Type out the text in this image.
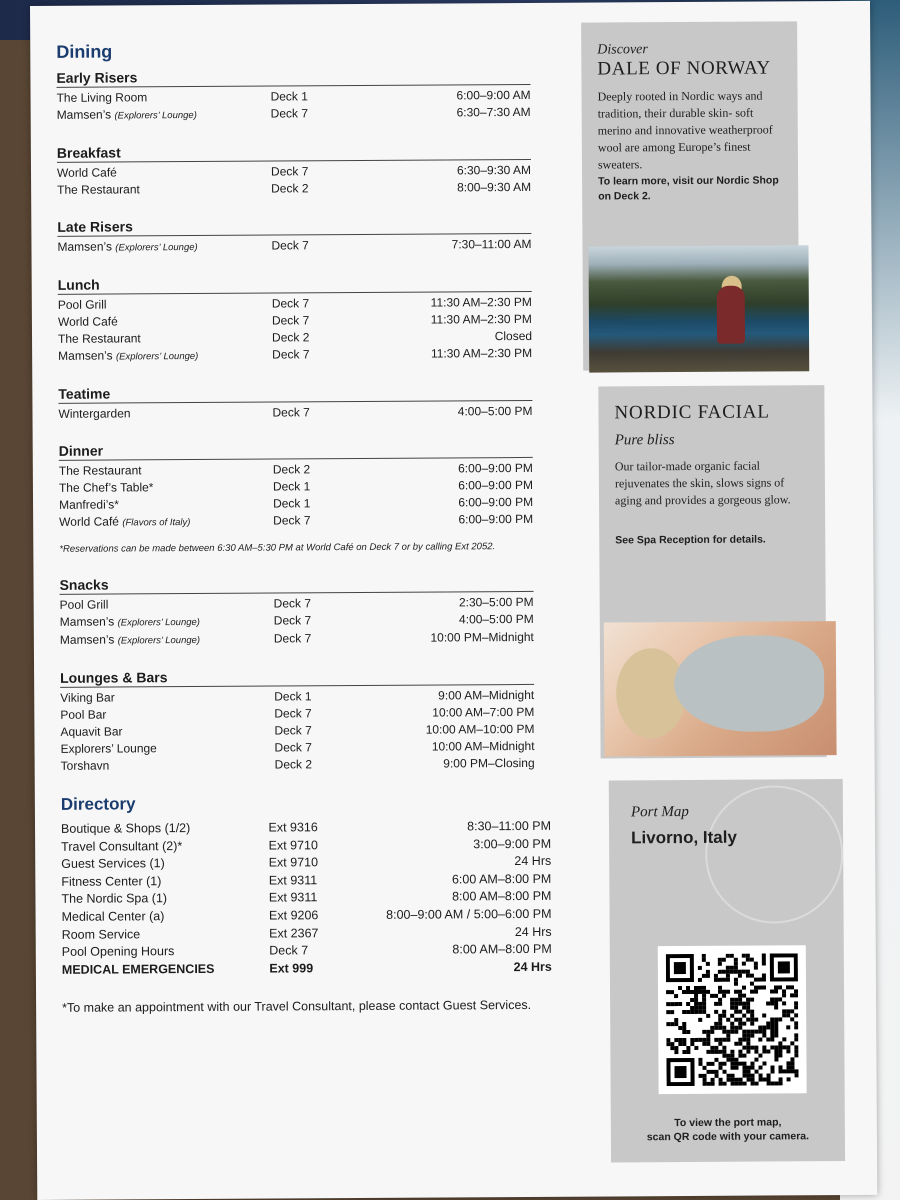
Dining
Early Risers
The Living Room	Deck 1	6:00–9:00 AM
Mamsen’s (Explorers’ Lounge)	Deck 7	6:30–7:30 AM
Breakfast
World Café	Deck 7	6:30–9:30 AM
The Restaurant	Deck 2	8:00–9:30 AM
Late Risers
Mamsen’s (Explorers’ Lounge)	Deck 7	7:30–11:00 AM
Lunch
Pool Grill	Deck 7	11:30 AM–2:30 PM
World Café	Deck 7	11:30 AM–2:30 PM
The Restaurant	Deck 2	Closed
Mamsen’s (Explorers’ Lounge)	Deck 7	11:30 AM–2:30 PM
Teatime
Wintergarden	Deck 7	4:00–5:00 PM
Dinner
The Restaurant	Deck 2	6:00–9:00 PM
The Chef’s Table*	Deck 1	6:00–9:00 PM
Manfredi’s*	Deck 1	6:00–9:00 PM
World Café (Flavors of Italy)	Deck 7	6:00–9:00 PM
*Reservations can be made between 6:30 AM–5:30 PM at World Café on Deck 7 or by calling Ext 2052.
Snacks
Pool Grill	Deck 7	2:30–5:00 PM
Mamsen’s (Explorers’ Lounge)	Deck 7	4:00–5:00 PM
Mamsen’s (Explorers’ Lounge)	Deck 7	10:00 PM–Midnight
Lounges & Bars
Viking Bar	Deck 1	9:00 AM–Midnight
Pool Bar	Deck 7	10:00 AM–7:00 PM
Aquavit Bar	Deck 7	10:00 AM–10:00 PM
Explorers’ Lounge	Deck 7	10:00 AM–Midnight
Torshavn	Deck 2	9:00 PM–Closing
Directory
Boutique & Shops (1/2)	Ext 9316	8:30–11:00 PM
Travel Consultant (2)*	Ext 9710	3:00–9:00 PM
Guest Services (1)	Ext 9710	24 Hrs
Fitness Center (1)	Ext 9311	6:00 AM–8:00 PM
The Nordic Spa (1)	Ext 9311	8:00 AM–8:00 PM
Medical Center (a)	Ext 9206	8:00–9:00 AM / 5:00–6:00 PM
Room Service	Ext 2367	24 Hrs
Pool Opening Hours	Deck 7	8:00 AM–8:00 PM
MEDICAL EMERGENCIES	Ext 999	24 Hrs
*To make an appointment with our Travel Consultant, please contact Guest Services.
Discover
DALE OF NORWAY
Deeply rooted in Nordic ways and tradition, their durable skin- soft merino and innovative weatherproof wool are among Europe’s finest sweaters.
To learn more, visit our Nordic Shop on Deck 2.
NORDIC FACIAL
Pure bliss
Our tailor-made organic facial rejuvenates the skin, slows signs of aging and provides a gorgeous glow.
See Spa Reception for details.
Port Map
Livorno, Italy
To view the port map,
scan QR code with your camera.
